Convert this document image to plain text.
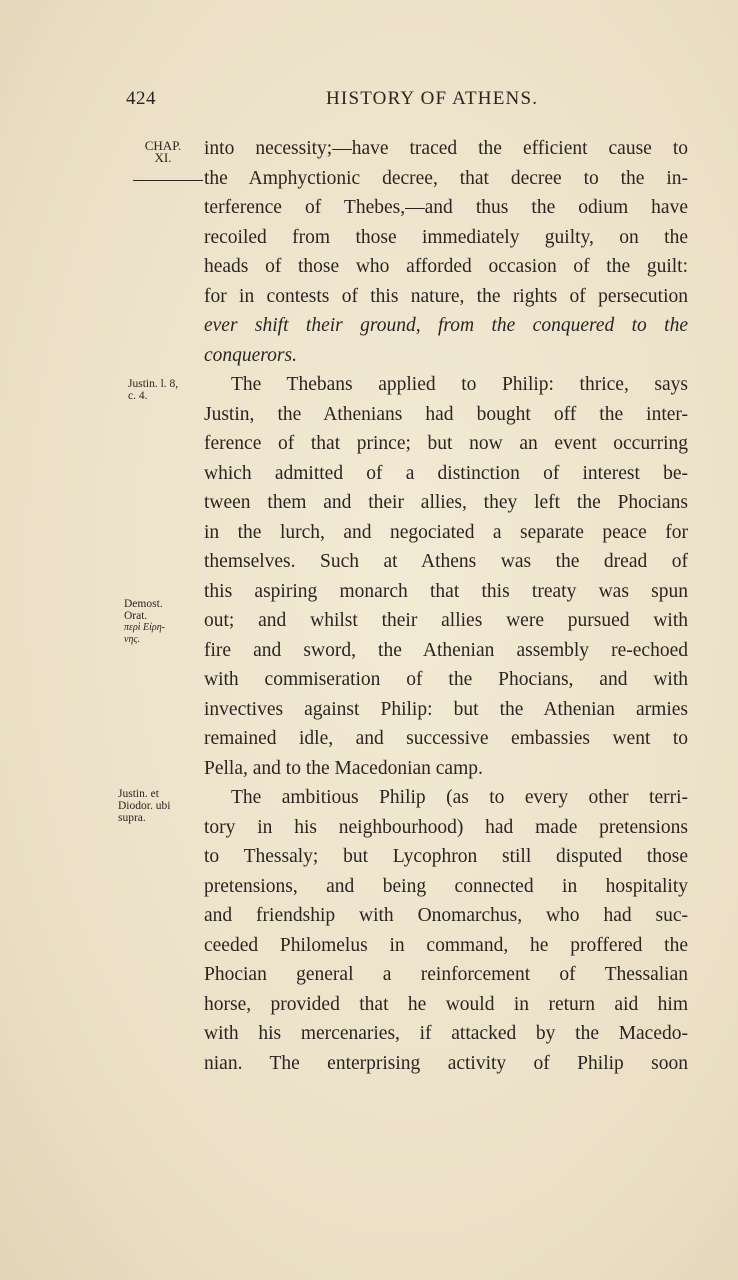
424	HISTORY OF ATHENS.
CHAP.
XI.
Justin. l. 8,
c. 4.
Demost.
Orat.
περὶ Εἰρη-
νης.
Justin. et
Diodor. ubi
supra.
into necessity;—have traced the efficient cause to
the Amphyctionic decree, that decree to the in-
terference of Thebes,—and thus the odium have
recoiled from those immediately guilty, on the
heads of those who afforded occasion of the guilt:
for in contests of this nature, the rights of persecution
ever shift their ground, from the conquered to the
conquerors.
The Thebans applied to Philip: thrice, says
Justin, the Athenians had bought off the inter-
ference of that prince; but now an event occurring
which admitted of a distinction of interest be-
tween them and their allies, they left the Phocians
in the lurch, and negociated a separate peace for
themselves. Such at Athens was the dread of
this aspiring monarch that this treaty was spun
out; and whilst their allies were pursued with
fire and sword, the Athenian assembly re-echoed
with commiseration of the Phocians, and with
invectives against Philip: but the Athenian armies
remained idle, and successive embassies went to
Pella, and to the Macedonian camp.
The ambitious Philip (as to every other terri-
tory in his neighbourhood) had made pretensions
to Thessaly; but Lycophron still disputed those
pretensions, and being connected in hospitality
and friendship with Onomarchus, who had suc-
ceeded Philomelus in command, he proffered the
Phocian general a reinforcement of Thessalian
horse, provided that he would in return aid him
with his mercenaries, if attacked by the Macedo-
nian. The enterprising activity of Philip soon
